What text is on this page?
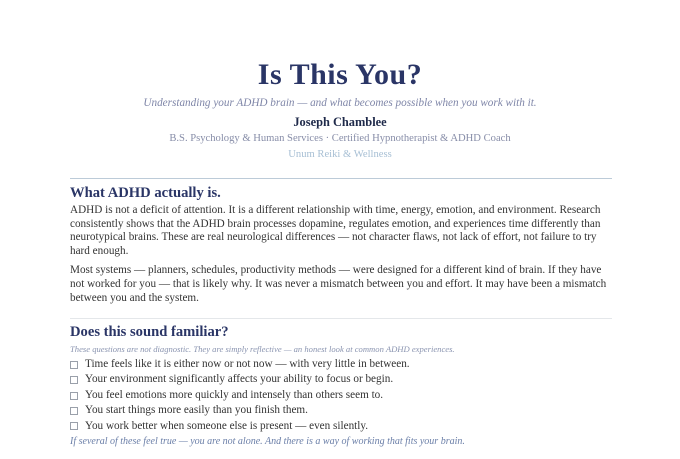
Is This You?
Understanding your ADHD brain — and what becomes possible when you work with it.
Joseph Chamblee
B.S. Psychology & Human Services · Certified Hypnotherapist & ADHD Coach
Unum Reiki & Wellness
What ADHD actually is.

ADHD is not a deficit of attention. It is a different relationship with time, energy, emotion, and environment. Research consistently shows that the ADHD brain processes dopamine, regulates emotion, and experiences time differently than neurotypical brains. These are real neurological differences — not character flaws, not lack of effort, not failure to try hard enough.

Most systems — planners, schedules, productivity methods — were designed for a different kind of brain. If they have not worked for you — that is likely why. It was never a mismatch between you and effort. It may have been a mismatch between you and the system.

Does this sound familiar?
These questions are not diagnostic. They are simply reflective — an honest look at common ADHD experiences.
Time feels like it is either now or not now — with very little in between.
Your environment significantly affects your ability to focus or begin.
You feel emotions more quickly and intensely than others seem to.
You start things more easily than you finish them.
You work better when someone else is present — even silently.
If several of these feel true — you are not alone. And there is a way of working that fits your brain.
